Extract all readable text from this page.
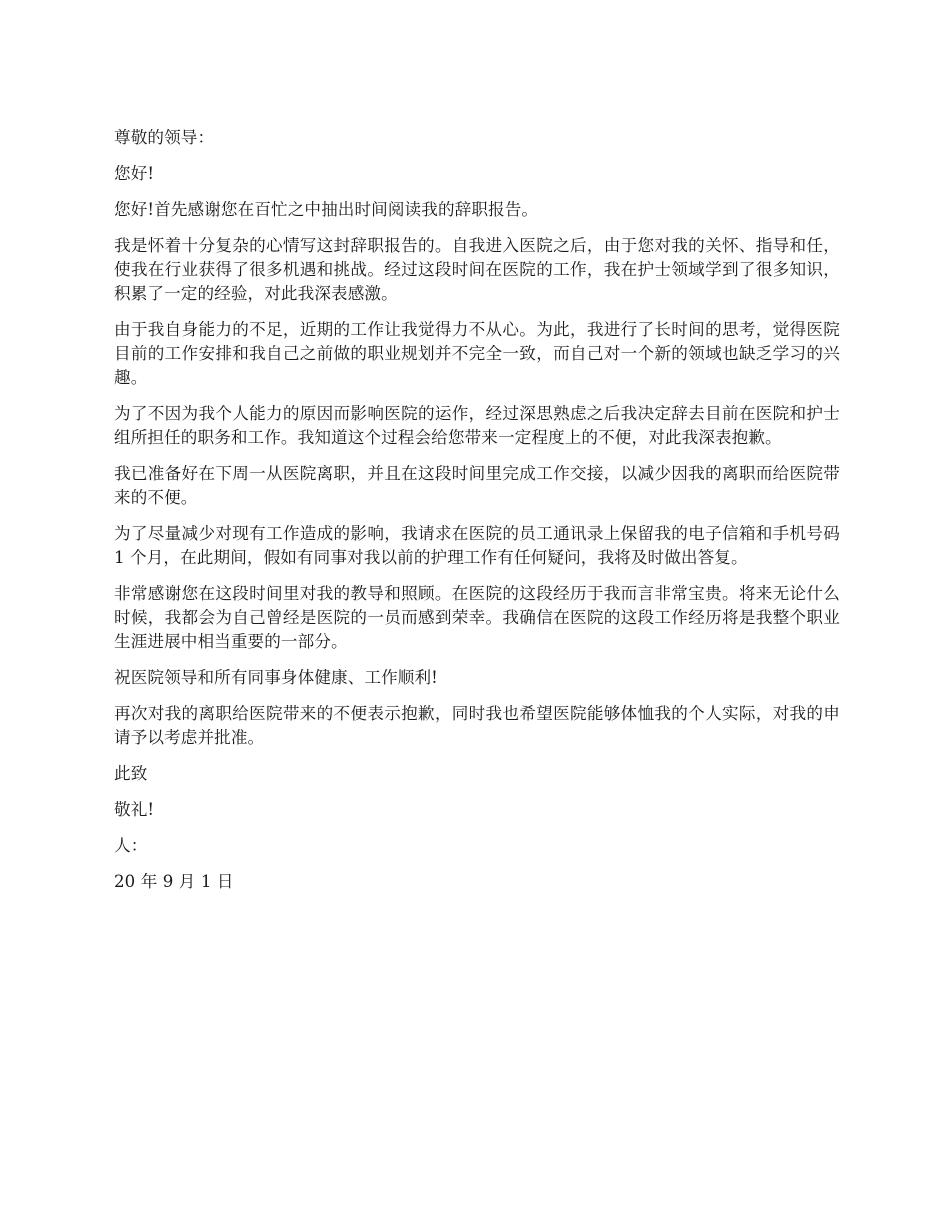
尊敬的领导：

您好!

您好!首先感谢您在百忙之中抽出时间阅读我的辞职报告。

我是怀着十分复杂的心情写这封辞职报告的。自我进入医院之后，由于您对我的关怀、指导和任，使我在行业获得了很多机遇和挑战。经过这段时间在医院的工作，我在护士领域学到了很多知识，积累了一定的经验，对此我深表感激。

由于我自身能力的不足，近期的工作让我觉得力不从心。为此，我进行了长时间的思考，觉得医院目前的工作安排和我自己之前做的职业规划并不完全一致，而自己对一个新的领域也缺乏学习的兴趣。

为了不因为我个人能力的原因而影响医院的运作，经过深思熟虑之后我决定辞去目前在医院和护士组所担任的职务和工作。我知道这个过程会给您带来一定程度上的不便，对此我深表抱歉。

我已准备好在下周一从医院离职，并且在这段时间里完成工作交接，以减少因我的离职而给医院带来的不便。

为了尽量减少对现有工作造成的影响，我请求在医院的员工通讯录上保留我的电子信箱和手机号码 1 个月，在此期间，假如有同事对我以前的护理工作有任何疑问，我将及时做出答复。

非常感谢您在这段时间里对我的教导和照顾。在医院的这段经历于我而言非常宝贵。将来无论什么时候，我都会为自己曾经是医院的一员而感到荣幸。我确信在医院的这段工作经历将是我整个职业生涯进展中相当重要的一部分。

祝医院领导和所有同事身体健康、工作顺利!

再次对我的离职给医院带来的不便表示抱歉，同时我也希望医院能够体恤我的个人实际，对我的申请予以考虑并批准。

此致

敬礼!

人：

20 年 9 月 1 日
